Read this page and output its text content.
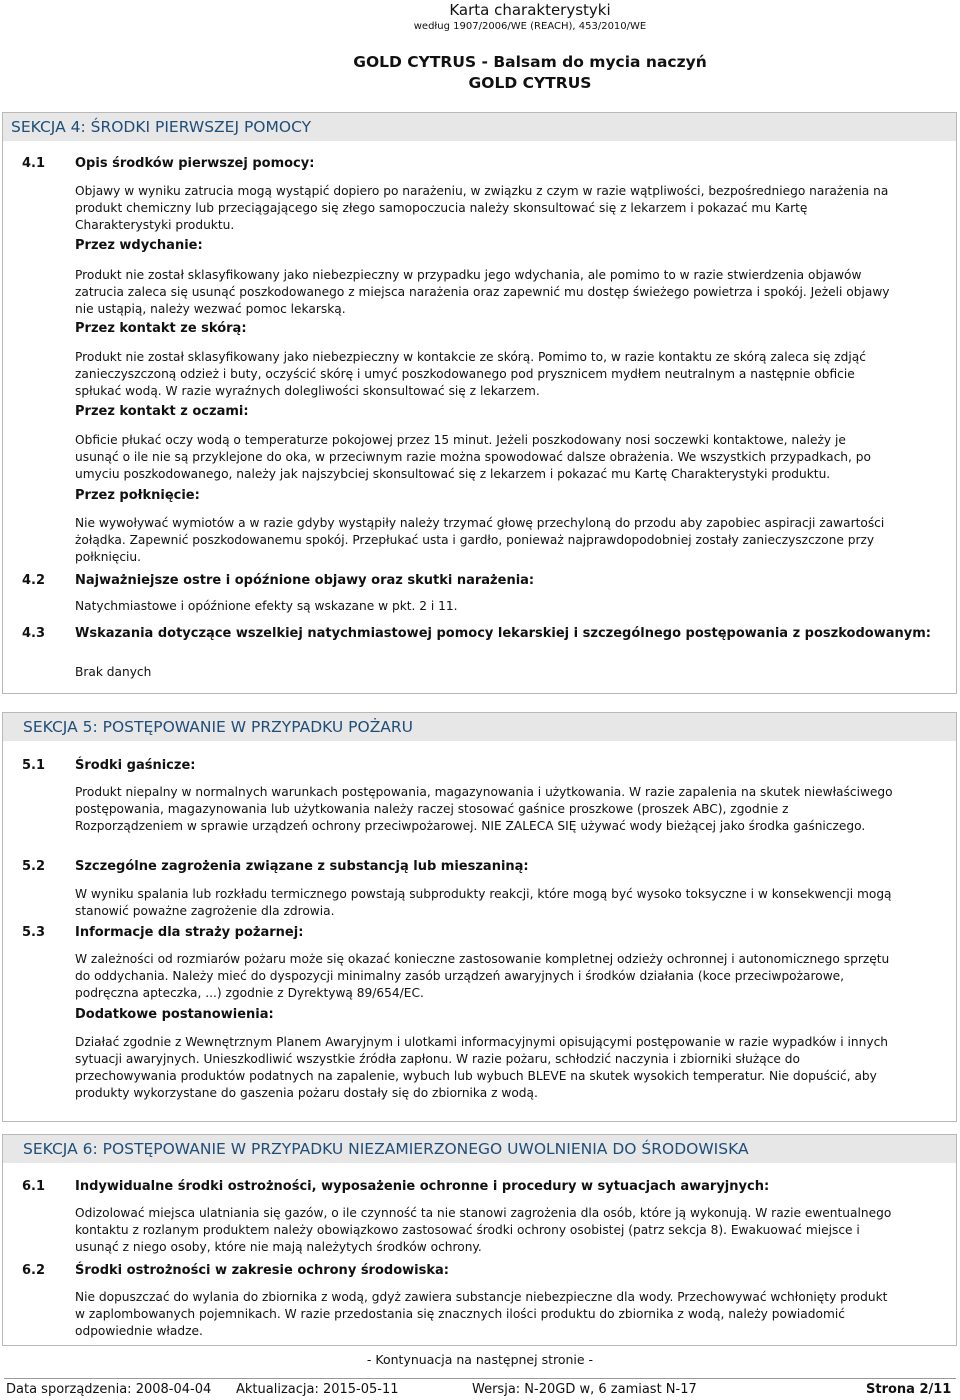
Karta charakterystyki
według 1907/2006/WE (REACH), 453/2010/WE
GOLD CYTRUS - Balsam do mycia naczyń
GOLD CYTRUS
SEKCJA 4: ŚRODKI PIERWSZEJ POMOCY
4.1 Opis środków pierwszej pomocy:
Objawy w wyniku zatrucia mogą wystąpić dopiero po narażeniu, w związku z czym w razie wątpliwości, bezpośredniego narażenia na
produkt chemiczny lub przeciągającego się złego samopoczucia należy skonsultować się z lekarzem i pokazać mu Kartę
Charakterystyki produktu.
Przez wdychanie:
Produkt nie został sklasyfikowany jako niebezpieczny w przypadku jego wdychania, ale pomimo to w razie stwierdzenia objawów
zatrucia zaleca się usunąć poszkodowanego z miejsca narażenia oraz zapewnić mu dostęp świeżego powietrza i spokój. Jeżeli objawy
nie ustąpią, należy wezwać pomoc lekarską.
Przez kontakt ze skórą:
Produkt nie został sklasyfikowany jako niebezpieczny w kontakcie ze skórą. Pomimo to, w razie kontaktu ze skórą zaleca się zdjąć
zanieczyszczoną odzież i buty, oczyścić skórę i umyć poszkodowanego pod prysznicem mydłem neutralnym a następnie obficie
spłukać wodą. W razie wyraźnych dolegliwości skonsultować się z lekarzem.
Przez kontakt z oczami:
Obficie płukać oczy wodą o temperaturze pokojowej przez 15 minut. Jeżeli poszkodowany nosi soczewki kontaktowe, należy je
usunąć o ile nie są przyklejone do oka, w przeciwnym razie można spowodować dalsze obrażenia. We wszystkich przypadkach, po
umyciu poszkodowanego, należy jak najszybciej skonsultować się z lekarzem i pokazać mu Kartę Charakterystyki produktu.
Przez połknięcie:
Nie wywoływać wymiotów a w razie gdyby wystąpiły należy trzymać głowę przechyloną do przodu aby zapobiec aspiracji zawartości
żołądka. Zapewnić poszkodowanemu spokój. Przepłukać usta i gardło, ponieważ najprawdopodobniej zostały zanieczyszczone przy
połknięciu.
4.2 Najważniejsze ostre i opóźnione objawy oraz skutki narażenia:
Natychmiastowe i opóźnione efekty są wskazane w pkt. 2 i 11.
4.3 Wskazania dotyczące wszelkiej natychmiastowej pomocy lekarskiej i szczególnego postępowania z poszkodowanym:
Brak danych
SEKCJA 5: POSTĘPOWANIE W PRZYPADKU POŻARU
5.1 Środki gaśnicze:
Produkt niepalny w normalnych warunkach postępowania, magazynowania i użytkowania. W razie zapalenia na skutek niewłaściwego
postępowania, magazynowania lub użytkowania należy raczej stosować gaśnice proszkowe (proszek ABC), zgodnie z
Rozporządzeniem w sprawie urządzeń ochrony przeciwpożarowej. NIE ZALECA SIĘ używać wody bieżącej jako środka gaśniczego.
5.2 Szczególne zagrożenia związane z substancją lub mieszaniną:
W wyniku spalania lub rozkładu termicznego powstają subprodukty reakcji, które mogą być wysoko toksyczne i w konsekwencji mogą
stanowić poważne zagrożenie dla zdrowia.
5.3 Informacje dla straży pożarnej:
W zależności od rozmiarów pożaru może się okazać konieczne zastosowanie kompletnej odzieży ochronnej i autonomicznego sprzętu
do oddychania. Należy mieć do dyspozycji minimalny zasób urządzeń awaryjnych i środków działania (koce przeciwpożarowe,
podręczna apteczka, ...) zgodnie z Dyrektywą 89/654/EC.
Dodatkowe postanowienia:
Działać zgodnie z Wewnętrznym Planem Awaryjnym i ulotkami informacyjnymi opisującymi postępowanie w razie wypadków i innych
sytuacji awaryjnych. Unieszkodliwić wszystkie źródła zapłonu. W razie pożaru, schłodzić naczynia i zbiorniki służące do
przechowywania produktów podatnych na zapalenie, wybuch lub wybuch BLEVE na skutek wysokich temperatur. Nie dopuścić, aby
produkty wykorzystane do gaszenia pożaru dostały się do zbiornika z wodą.
SEKCJA 6: POSTĘPOWANIE W PRZYPADKU NIEZAMIERZONEGO UWOLNIENIA DO ŚRODOWISKA
6.1 Indywidualne środki ostrożności, wyposażenie ochronne i procedury w sytuacjach awaryjnych:
Odizolować miejsca ulatniania się gazów, o ile czynność ta nie stanowi zagrożenia dla osób, które ją wykonują. W razie ewentualnego
kontaktu z rozlanym produktem należy obowiązkowo zastosować środki ochrony osobistej (patrz sekcja 8). Ewakuować miejsce i
usunąć z niego osoby, które nie mają należytych środków ochrony.
6.2 Środki ostrożności w zakresie ochrony środowiska:
Nie dopuszczać do wylania do zbiornika z wodą, gdyż zawiera substancje niebezpieczne dla wody. Przechowywać wchłonięty produkt
w zaplombowanych pojemnikach. W razie przedostania się znacznych ilości produktu do zbiornika z wodą, należy powiadomić
odpowiednie władze.
- Kontynuacja na następnej stronie -
Data sporządzenia: 2008-04-04 Aktualizacja: 2015-05-11	Wersja: N-20GD w, 6 zamiast N-17	Strona 2/11
